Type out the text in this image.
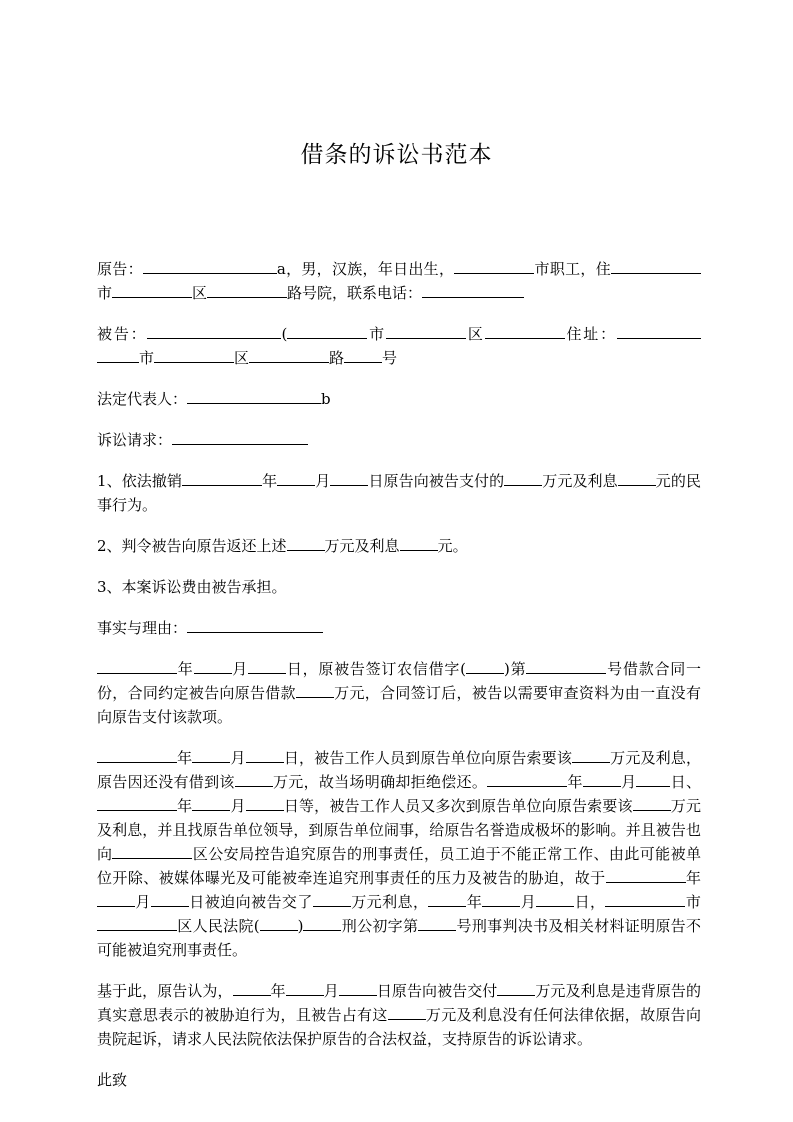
借条的诉讼书范本

原告：	a，男，汉族，年日出生，	市职工，住市	区	路号院，联系电话：

被告：	(	市	区	住址：市	区	路	号

法定代表人：	b

诉讼请求：

1、依法撤销	年	月	日原告向被告支付的	万元及利息	元的民事行为。

2、判令被告向原告返还上述	万元及利息	元。

3、本案诉讼费由被告承担。

事实与理由：

年	月	日，原被告签订农信借字(	)第	号借款合同一份，合同约定被告向原告借款	万元，合同签订后，被告以需要审查资料为由一直没有向原告支付该款项。

年	月	日，被告工作人员到原告单位向原告索要该	万元及利息，原告因还没有借到该	万元，故当场明确却拒绝偿还。	年	月 日、年	月	日等，被告工作人员又多次到原告单位向原告索要该	万元及利息，并且找原告单位领导，到原告单位闹事，给原告名誉造成极坏的影响。并且被告也向	区公安局控告追究原告的刑事责任，员工迫于不能正常工作、由此可能被单位开除、被媒体曝光及可能被牵连追究刑事责任的压力及被告的胁迫，故于	年月	日被迫向被告交了	万元利息，	年	月	日，	市区人民法院(	)	刑公初字第	号刑事判决书及相关材料证明原告不可能被追究刑事责任。

基于此，原告认为，	年	月	日原告向被告交付	万元及利息是违背原告的真实意思表示的被胁迫行为，且被告占有这	万元及利息没有任何法律依据，故原告向贵院起诉，请求人民法院依法保护原告的合法权益，支持原告的诉讼请求。

此致
